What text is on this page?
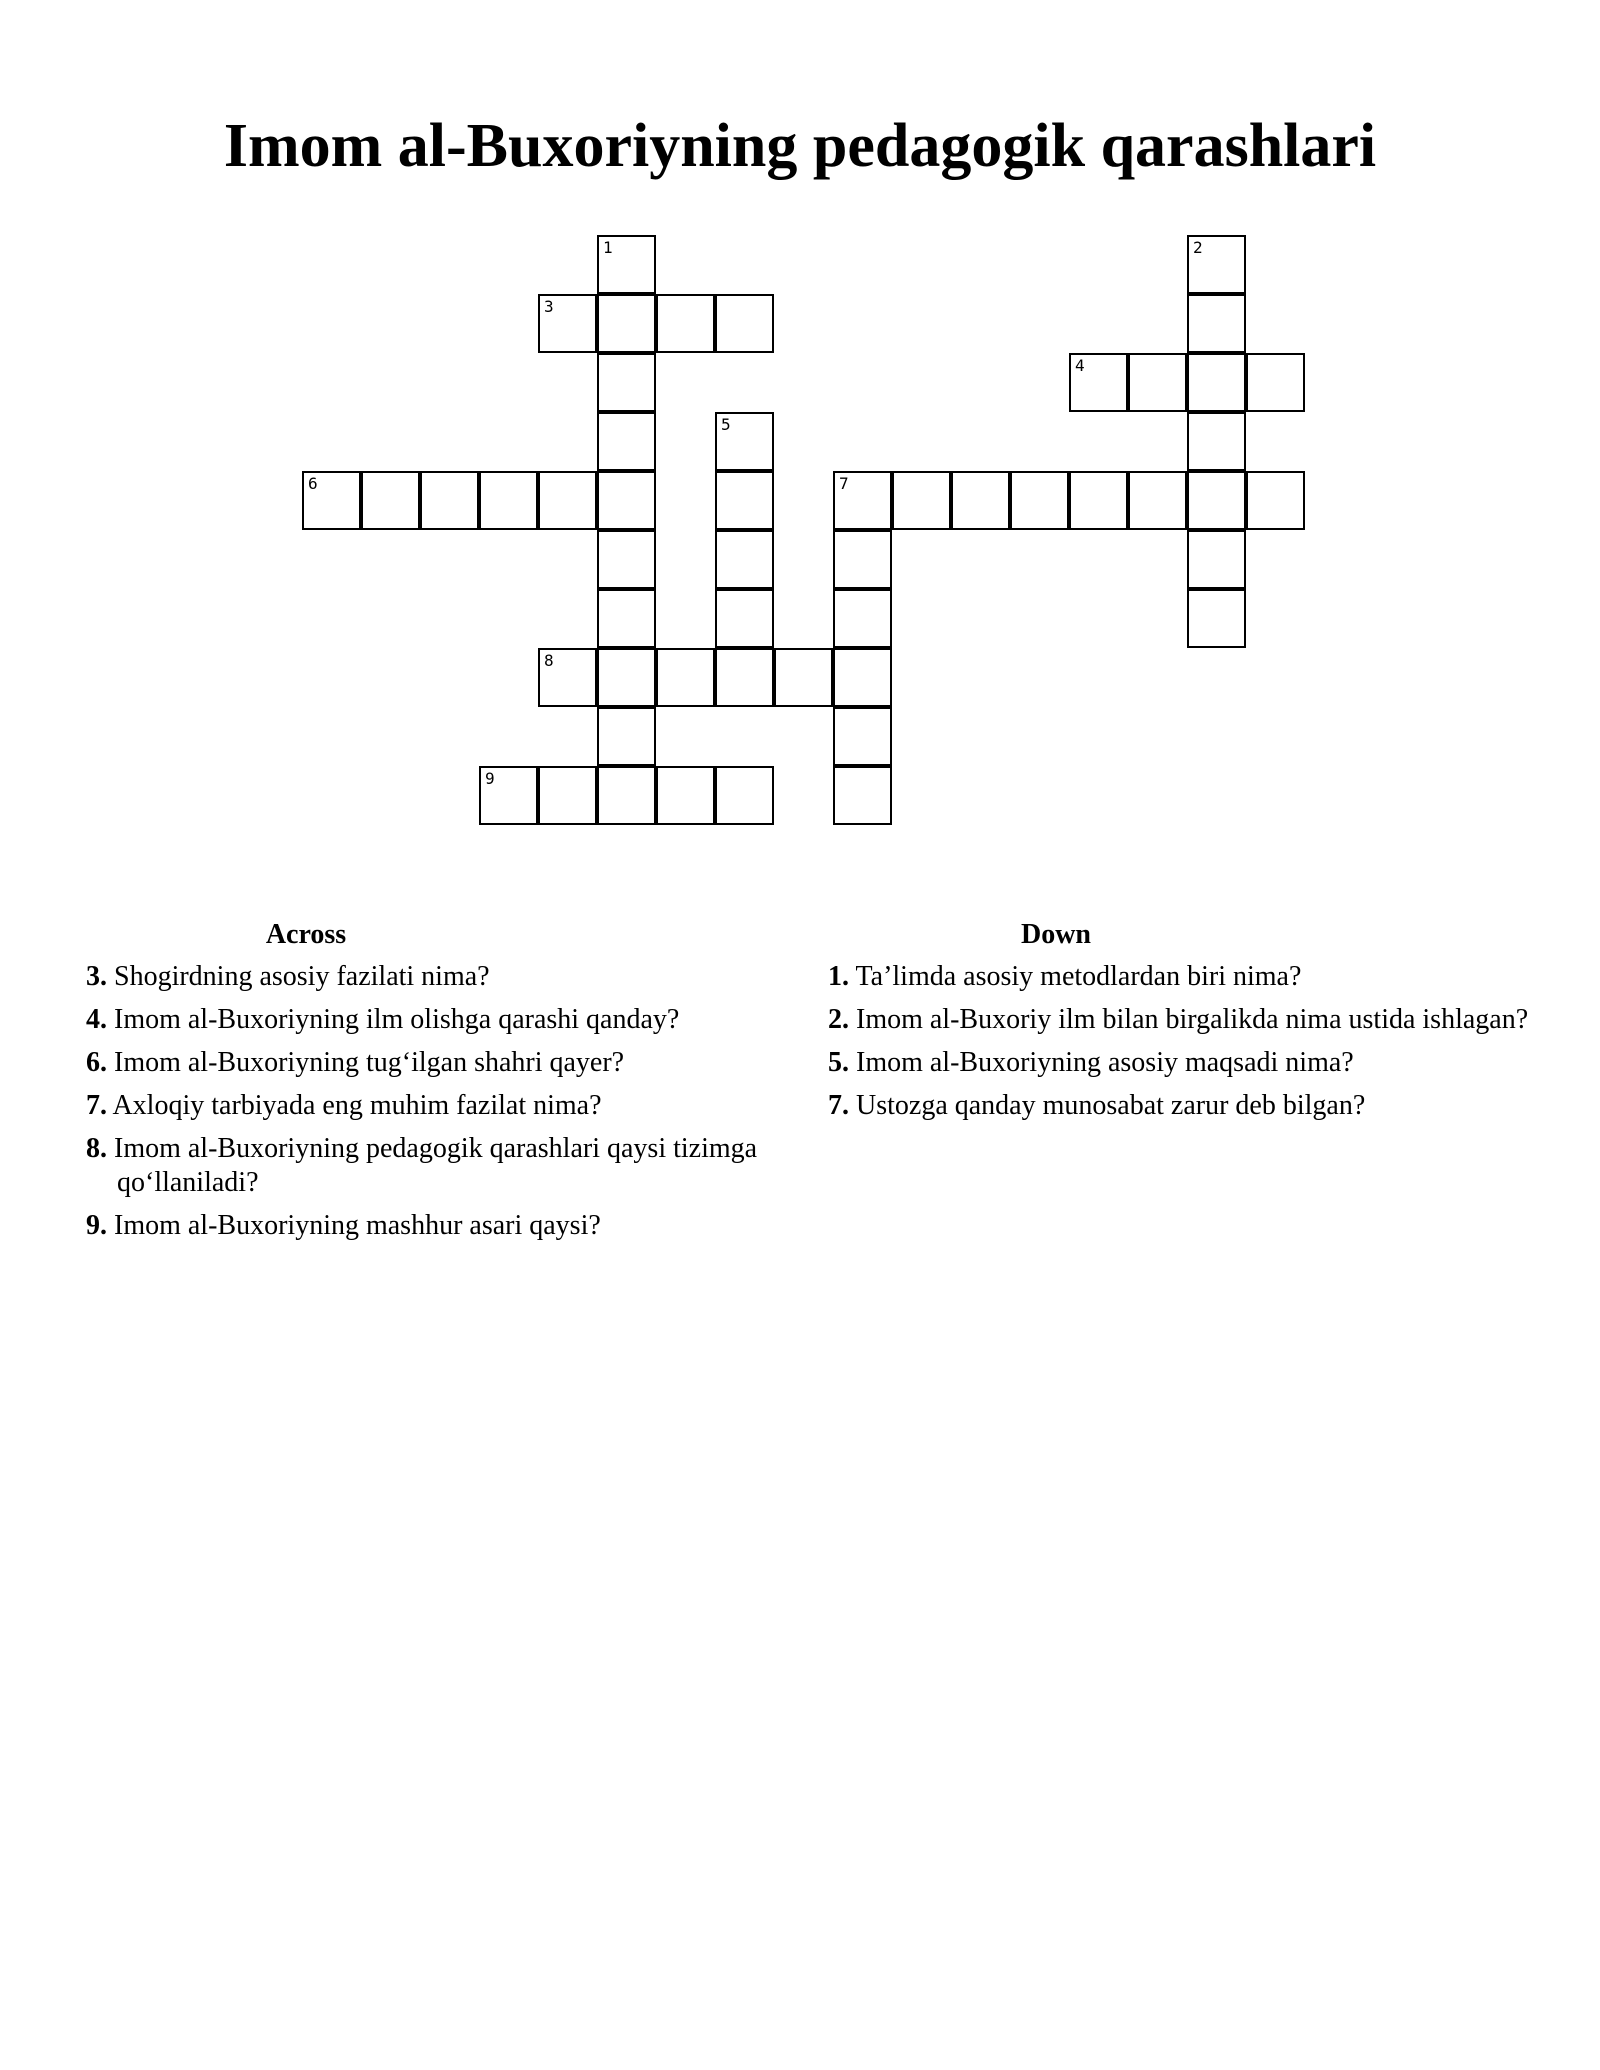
Imom al-Buxoriyning pedagogik qarashlari
1	2
3
4
5
6	7
8
9
Across
3. Shogirdning asosiy fazilati nima?
4. Imom al-Buxoriyning ilm olishga qarashi qanday?
6. Imom al-Buxoriyning tug‘ilgan shahri qayer?
7. Axloqiy tarbiyada eng muhim fazilat nima?
8. Imom al-Buxoriyning pedagogik qarashlari qaysi tizimga qo‘llaniladi?
9. Imom al-Buxoriyning mashhur asari qaysi?
Down
1. Ta’limda asosiy metodlardan biri nima?
2. Imom al-Buxoriy ilm bilan birgalikda nima ustida ishlagan?
5. Imom al-Buxoriyning asosiy maqsadi nima?
7. Ustozga qanday munosabat zarur deb bilgan?
